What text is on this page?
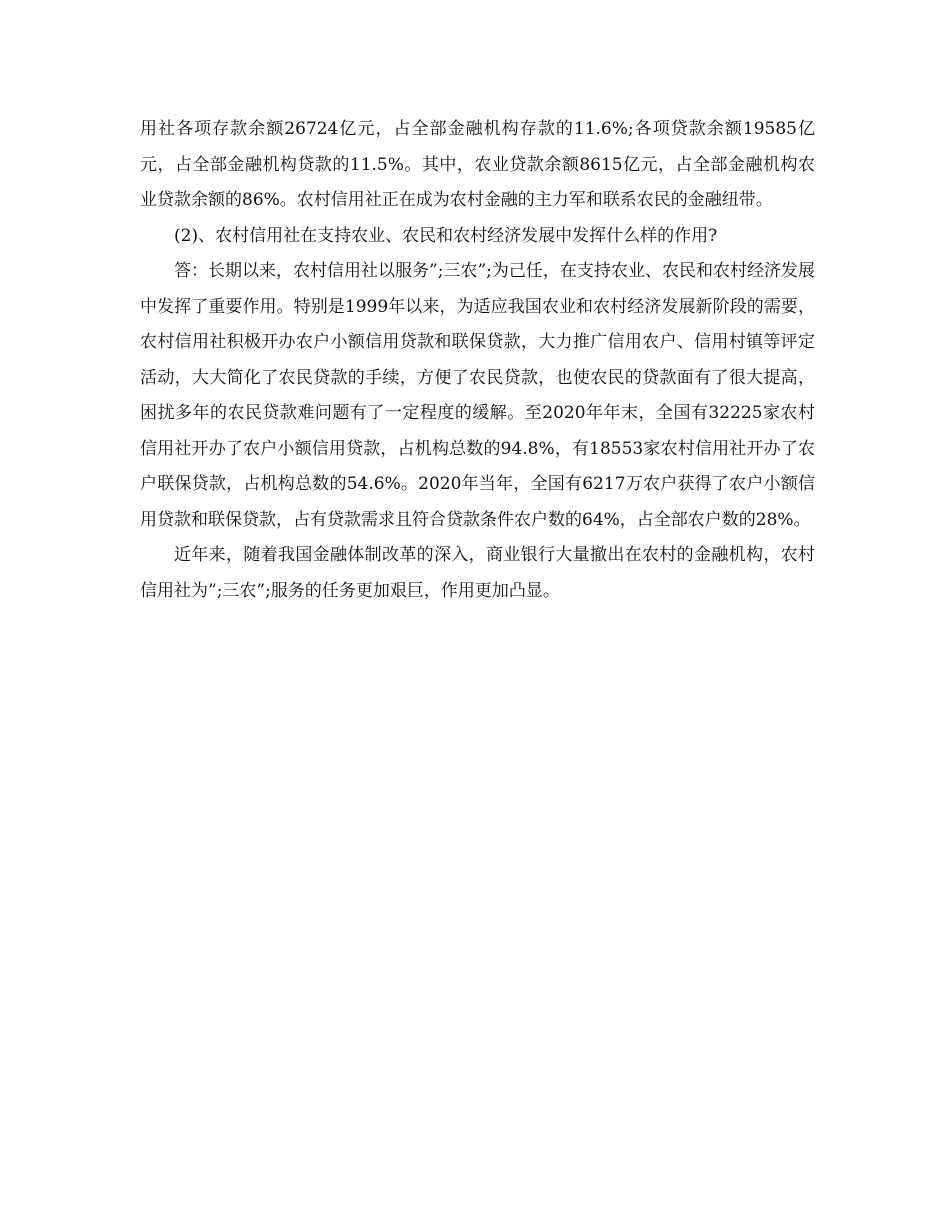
用社各项存款余额26724亿元，占全部金融机构存款的11.6%;各项贷款余额19585亿元，占全部金融机构贷款的11.5%。其中，农业贷款余额8615亿元，占全部金融机构农业贷款余额的86%。农村信用社正在成为农村金融的主力军和联系农民的金融纽带。

(2)、农村信用社在支持农业、农民和农村经济发展中发挥什么样的作用?

答：长期以来，农村信用社以服务”;三农”;为己任，在支持农业、农民和农村经济发展中发挥了重要作用。特别是1999年以来，为适应我国农业和农村经济发展新阶段的需要，农村信用社积极开办农户小额信用贷款和联保贷款，大力推广信用农户、信用村镇等评定活动，大大简化了农民贷款的手续，方便了农民贷款，也使农民的贷款面有了很大提高，困扰多年的农民贷款难问题有了一定程度的缓解。至2020年年末，全国有32225家农村信用社开办了农户小额信用贷款，占机构总数的94.8%，有18553家农村信用社开办了农户联保贷款，占机构总数的54.6%。2020年当年，全国有6217万农户获得了农户小额信用贷款和联保贷款，占有贷款需求且符合贷款条件农户数的64%，占全部农户数的28%。

近年来，随着我国金融体制改革的深入，商业银行大量撤出在农村的金融机构，农村信用社为”;三农”;服务的任务更加艰巨，作用更加凸显。
